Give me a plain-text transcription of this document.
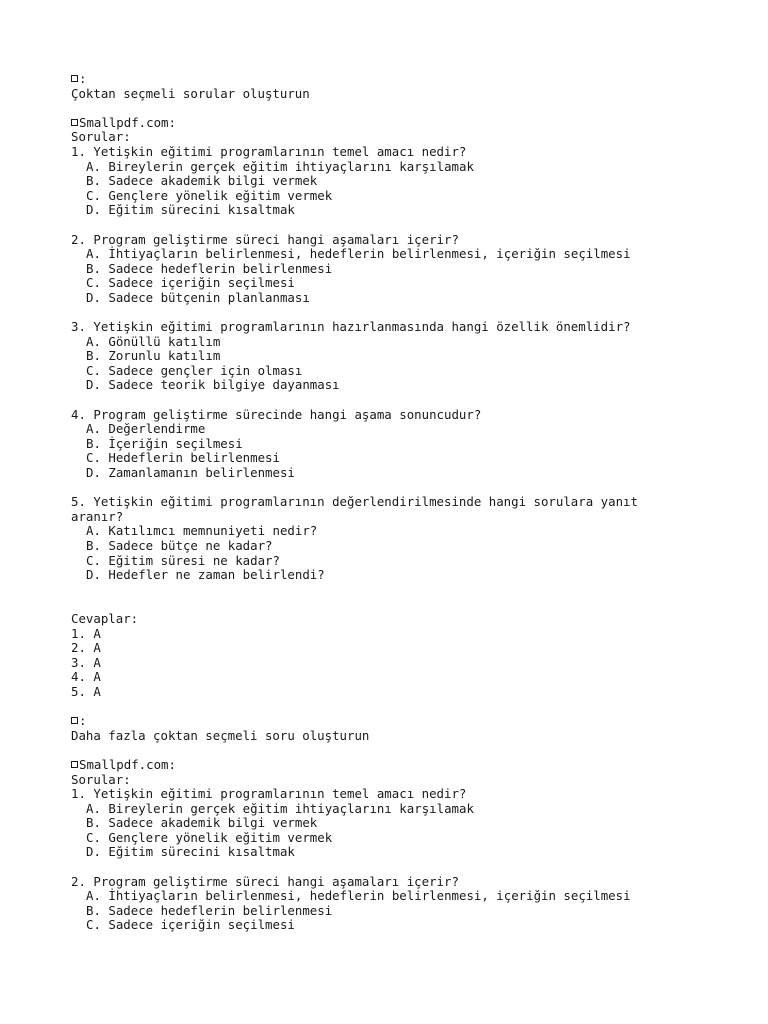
:
Çoktan seçmeli sorular oluşturun
Smallpdf.com:
Sorular:
1. Yetişkin eğitimi programlarının temel amacı nedir?
A. Bireylerin gerçek eğitim ihtiyaçlarını karşılamak
B. Sadece akademik bilgi vermek
C. Gençlere yönelik eğitim vermek
D. Eğitim sürecini kısaltmak
2. Program geliştirme süreci hangi aşamaları içerir?
A. İhtiyaçların belirlenmesi, hedeflerin belirlenmesi, içeriğin seçilmesi
B. Sadece hedeflerin belirlenmesi
C. Sadece içeriğin seçilmesi
D. Sadece bütçenin planlanması
3. Yetişkin eğitimi programlarının hazırlanmasında hangi özellik önemlidir?
A. Gönüllü katılım
B. Zorunlu katılım
C. Sadece gençler için olması
D. Sadece teorik bilgiye dayanması
4. Program geliştirme sürecinde hangi aşama sonuncudur?
A. Değerlendirme
B. İçeriğin seçilmesi
C. Hedeflerin belirlenmesi
D. Zamanlamanın belirlenmesi
5. Yetişkin eğitimi programlarının değerlendirilmesinde hangi sorulara yanıt
aranır?
A. Katılımcı memnuniyeti nedir?
B. Sadece bütçe ne kadar?
C. Eğitim süresi ne kadar?
D. Hedefler ne zaman belirlendi?
Cevaplar:
1. A
2. A
3. A
4. A
5. A
:
Daha fazla çoktan seçmeli soru oluşturun
Smallpdf.com:
Sorular:
1. Yetişkin eğitimi programlarının temel amacı nedir?
A. Bireylerin gerçek eğitim ihtiyaçlarını karşılamak
B. Sadece akademik bilgi vermek
C. Gençlere yönelik eğitim vermek
D. Eğitim sürecini kısaltmak
2. Program geliştirme süreci hangi aşamaları içerir?
A. İhtiyaçların belirlenmesi, hedeflerin belirlenmesi, içeriğin seçilmesi
B. Sadece hedeflerin belirlenmesi
C. Sadece içeriğin seçilmesi
